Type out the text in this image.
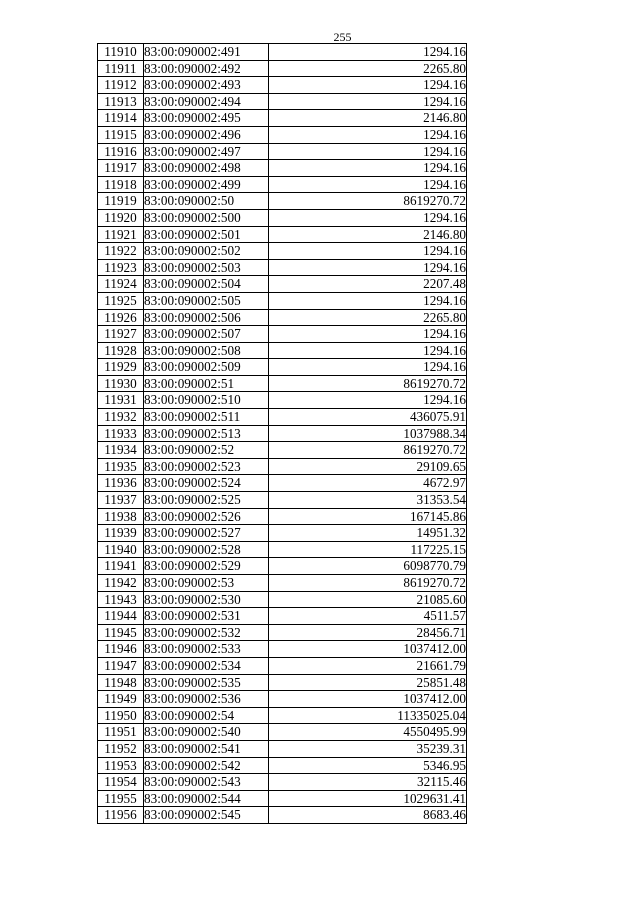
255
11910	83:00:090002:491	1294.16
11911	83:00:090002:492	2265.80
11912	83:00:090002:493	1294.16
11913	83:00:090002:494	1294.16
11914	83:00:090002:495	2146.80
11915	83:00:090002:496	1294.16
11916	83:00:090002:497	1294.16
11917	83:00:090002:498	1294.16
11918	83:00:090002:499	1294.16
11919	83:00:090002:50	8619270.72
11920	83:00:090002:500	1294.16
11921	83:00:090002:501	2146.80
11922	83:00:090002:502	1294.16
11923	83:00:090002:503	1294.16
11924	83:00:090002:504	2207.48
11925	83:00:090002:505	1294.16
11926	83:00:090002:506	2265.80
11927	83:00:090002:507	1294.16
11928	83:00:090002:508	1294.16
11929	83:00:090002:509	1294.16
11930	83:00:090002:51	8619270.72
11931	83:00:090002:510	1294.16
11932	83:00:090002:511	436075.91
11933	83:00:090002:513	1037988.34
11934	83:00:090002:52	8619270.72
11935	83:00:090002:523	29109.65
11936	83:00:090002:524	4672.97
11937	83:00:090002:525	31353.54
11938	83:00:090002:526	167145.86
11939	83:00:090002:527	14951.32
11940	83:00:090002:528	117225.15
11941	83:00:090002:529	6098770.79
11942	83:00:090002:53	8619270.72
11943	83:00:090002:530	21085.60
11944	83:00:090002:531	4511.57
11945	83:00:090002:532	28456.71
11946	83:00:090002:533	1037412.00
11947	83:00:090002:534	21661.79
11948	83:00:090002:535	25851.48
11949	83:00:090002:536	1037412.00
11950	83:00:090002:54	11335025.04
11951	83:00:090002:540	4550495.99
11952	83:00:090002:541	35239.31
11953	83:00:090002:542	5346.95
11954	83:00:090002:543	32115.46
11955	83:00:090002:544	1029631.41
11956	83:00:090002:545	8683.46
